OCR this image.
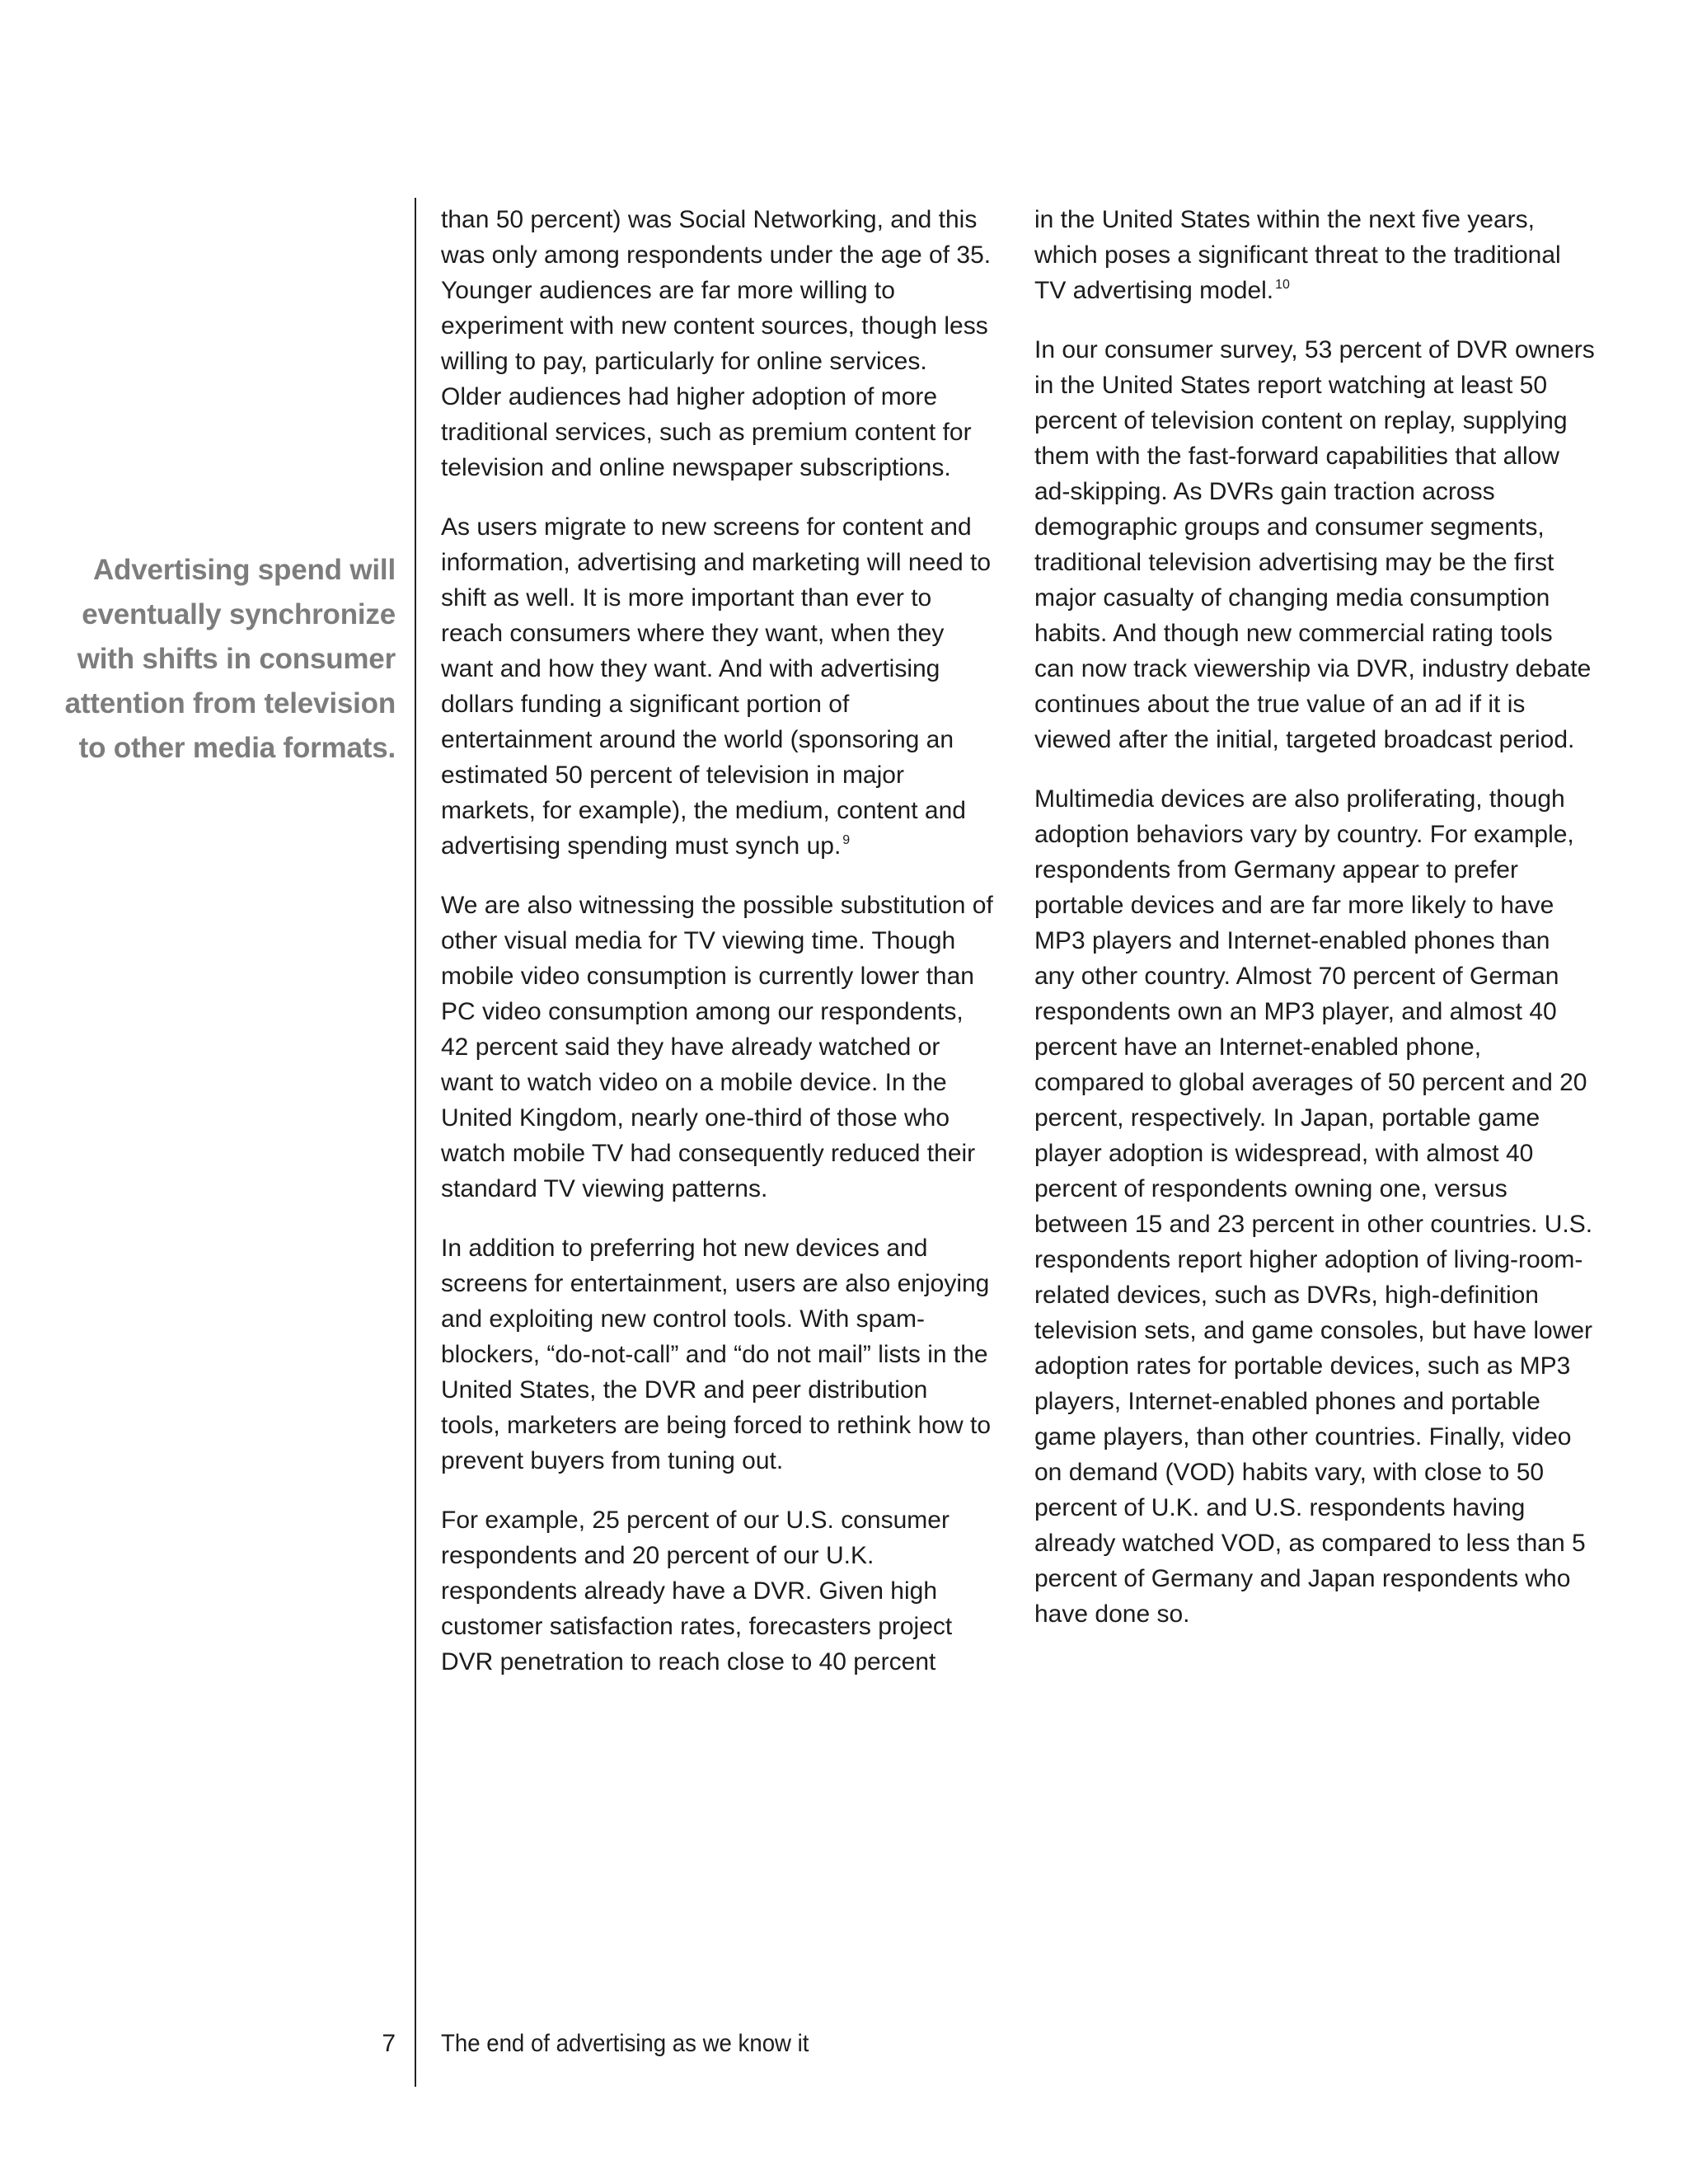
Advertising spend will eventually synchronize with shifts in consumer attention from television to other media formats.

than 50 percent) was Social Networking, and this was only among respondents under the age of 35. Younger audiences are far more willing to experiment with new content sources, though less willing to pay, particularly for online services. Older audiences had higher adoption of more traditional services, such as premium content for television and online newspaper subscriptions.

As users migrate to new screens for content and information, advertising and marketing will need to shift as well. It is more important than ever to reach consumers where they want, when they want and how they want. And with advertising dollars funding a significant portion of entertainment around the world (sponsoring an estimated 50 percent of television in major markets, for example), the medium, content and advertising spending must synch up. $^9$

We are also witnessing the possible substitution of other visual media for TV viewing time. Though mobile video consumption is currently lower than PC video consumption among our respondents, 42 percent said they have already watched or want to watch video on a mobile device. In the United Kingdom, nearly one-third of those who watch mobile TV had consequently reduced their standard TV viewing patterns.

In addition to preferring hot new devices and screens for entertainment, users are also enjoying and exploiting new control tools. With spam-blockers, “do-not-call” and “do not mail” lists in the United States, the DVR and peer distribution tools, marketers are being forced to rethink how to prevent buyers from tuning out.

For example, 25 percent of our U.S. consumer respondents and 20 percent of our U.K. respondents already have a DVR. Given high customer satisfaction rates, forecasters project DVR penetration to reach close to 40 percent

in the United States within the next five years, which poses a significant threat to the traditional TV advertising model. $^{10}$

In our consumer survey, 53 percent of DVR owners in the United States report watching at least 50 percent of television content on replay, supplying them with the fast-forward capabilities that allow ad-skipping. As DVRs gain traction across demographic groups and consumer segments, traditional television advertising may be the first major casualty of changing media consumption habits. And though new commercial rating tools can now track viewership via DVR, industry debate continues about the true value of an ad if it is viewed after the initial, targeted broadcast period.

Multimedia devices are also proliferating, though adoption behaviors vary by country. For example, respondents from Germany appear to prefer portable devices and are far more likely to have MP3 players and Internet-enabled phones than any other country. Almost 70 percent of German respondents own an MP3 player, and almost 40 percent have an Internet-enabled phone, compared to global averages of 50 percent and 20 percent, respectively. In Japan, portable game player adoption is widespread, with almost 40 percent of respondents owning one, versus between 15 and 23 percent in other countries. U.S. respondents report higher adoption of living-room-related devices, such as DVRs, high-definition television sets, and game consoles, but have lower adoption rates for portable devices, such as MP3 players, Internet-enabled phones and portable game players, than other countries. Finally, video on demand (VOD) habits vary, with close to 50 percent of U.K. and U.S. respondents having already watched VOD, as compared to less than 5 percent of Germany and Japan respondents who have done so.

7 The end of advertising as we know it
